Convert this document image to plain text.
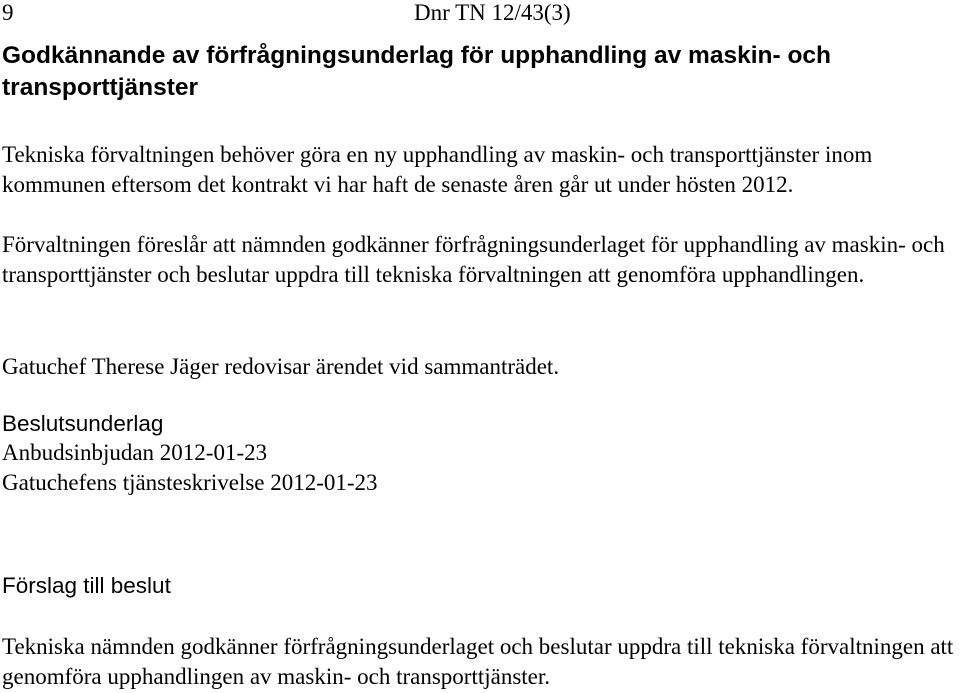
9	Dnr TN 12/43(3)
Godkännande av förfrågningsunderlag för upphandling av maskin- och transporttjänster

Tekniska förvaltningen behöver göra en ny upphandling av maskin- och transporttjänster inom kommunen eftersom det kontrakt vi har haft de senaste åren går ut under hösten 2012.

Förvaltningen föreslår att nämnden godkänner förfrågningsunderlaget för upphandling av maskin- och transporttjänster och beslutar uppdra till tekniska förvaltningen att genomföra upphandlingen.

Gatuchef Therese Jäger redovisar ärendet vid sammanträdet.

Beslutsunderlag
Anbudsinbjudan 2012-01-23
Gatuchefens tjänsteskrivelse 2012-01-23
Förslag till beslut

Tekniska nämnden godkänner förfrågningsunderlaget och beslutar uppdra till tekniska förvaltningen att genomföra upphandlingen av maskin- och transporttjänster.
